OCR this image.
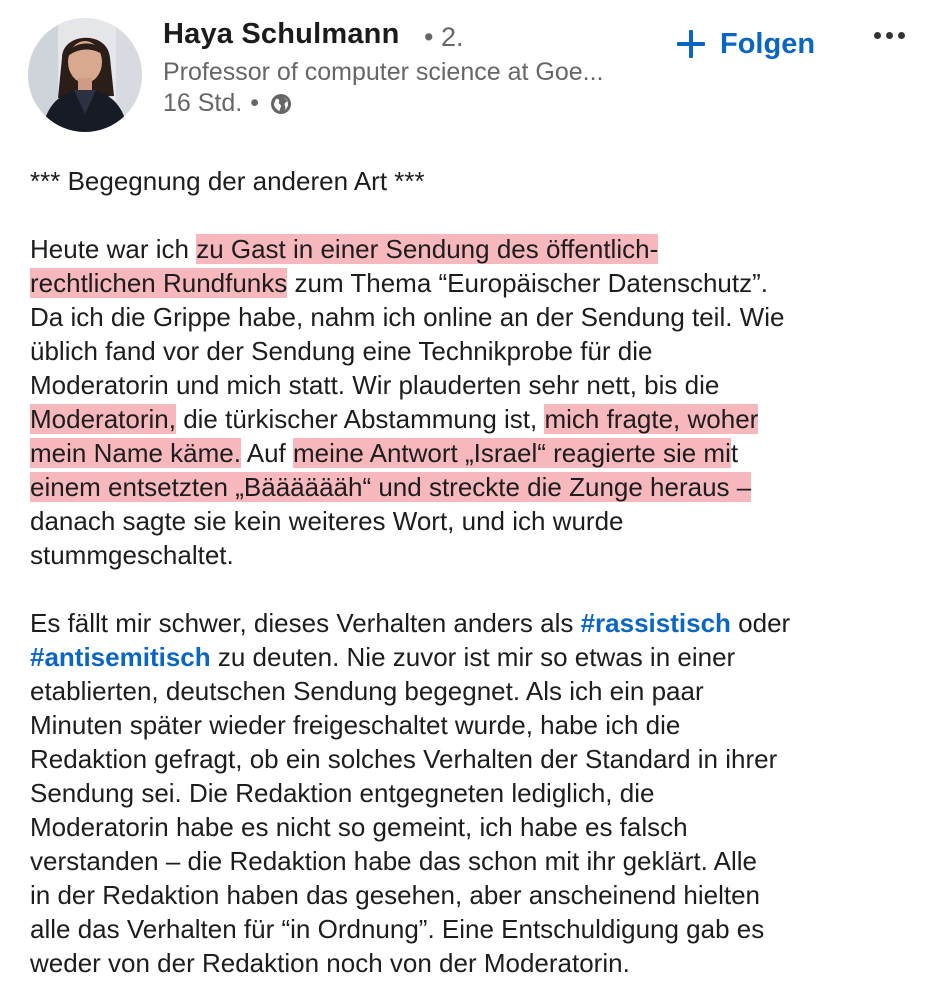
Haya Schulmann • 2.
Professor of computer science at Goe...
16 Std. •
Folgen
*** Begegnung der anderen Art ***
Heute war ich zu Gast in einer Sendung des öffentlich-
rechtlichen Rundfunks zum Thema “Europäischer Datenschutz”.
Da ich die Grippe habe, nahm ich online an der Sendung teil. Wie
üblich fand vor der Sendung eine Technikprobe für die
Moderatorin und mich statt. Wir plauderten sehr nett, bis die
Moderatorin, die türkischer Abstammung ist, mich fragte, woher
mein Name käme. Auf meine Antwort „Israel“ reagierte sie mit
einem entsetzten „Bääääääh“ und streckte die Zunge heraus –
danach sagte sie kein weiteres Wort, und ich wurde
stummgeschaltet.
Es fällt mir schwer, dieses Verhalten anders als #rassistisch oder
#antisemitisch zu deuten. Nie zuvor ist mir so etwas in einer
etablierten, deutschen Sendung begegnet. Als ich ein paar
Minuten später wieder freigeschaltet wurde, habe ich die
Redaktion gefragt, ob ein solches Verhalten der Standard in ihrer
Sendung sei. Die Redaktion entgegneten lediglich, die
Moderatorin habe es nicht so gemeint, ich habe es falsch
verstanden – die Redaktion habe das schon mit ihr geklärt. Alle
in der Redaktion haben das gesehen, aber anscheinend hielten
alle das Verhalten für “in Ordnung”. Eine Entschuldigung gab es
weder von der Redaktion noch von der Moderatorin.
